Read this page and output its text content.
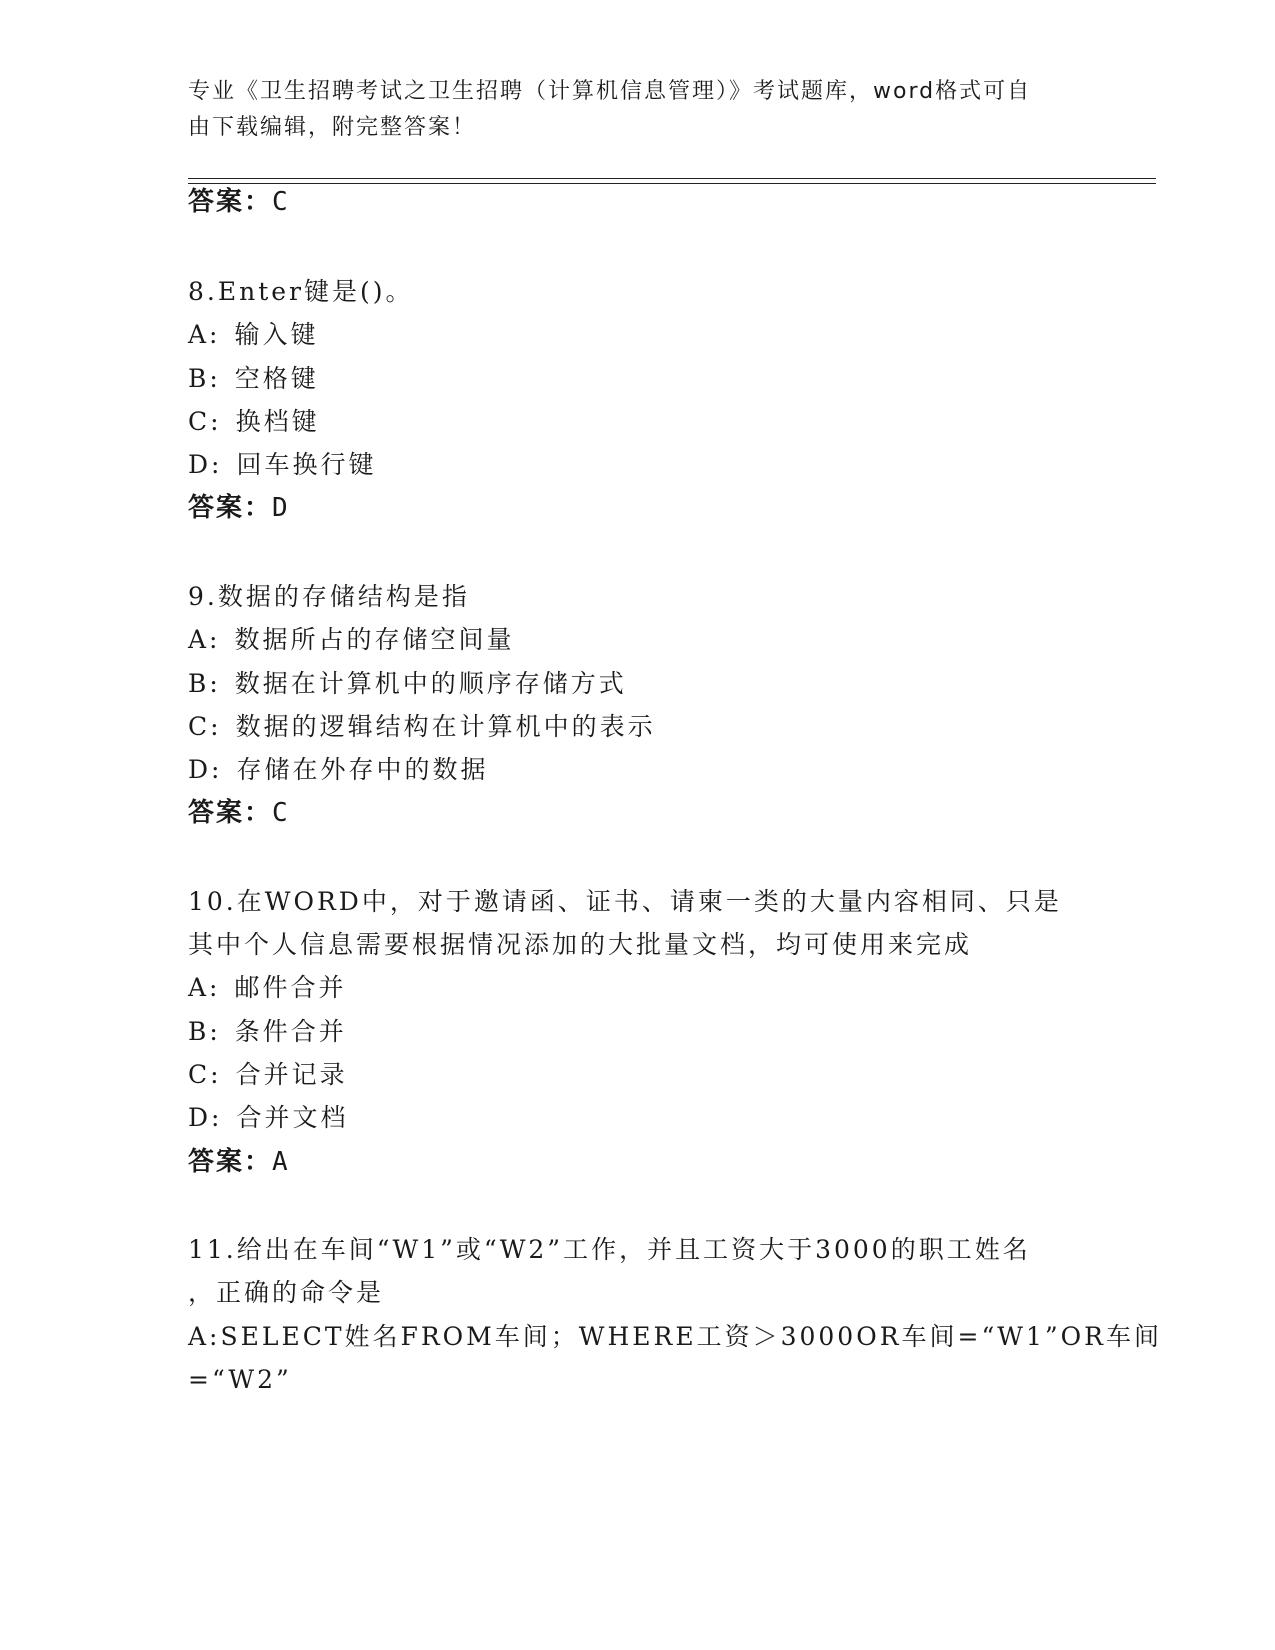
专业《卫生招聘考试之卫生招聘（计算机信息管理）》考试题库，word格式可自
由下载编辑，附完整答案！
答案：C
8.Enter键是()。
A: 输入键
B: 空格键
C: 换档键
D: 回车换行键
答案：D
9.数据的存储结构是指
A: 数据所占的存储空间量
B: 数据在计算机中的顺序存储方式
C: 数据的逻辑结构在计算机中的表示
D: 存储在外存中的数据
答案：C
10.在WORD中，对于邀请函、证书、请柬一类的大量内容相同、只是
其中个人信息需要根据情况添加的大批量文档，均可使用来完成
A: 邮件合并
B: 条件合并
C: 合并记录
D: 合并文档
答案：A
11.给出在车间“W1”或“W2”工作，并且工资大于3000的职工姓名
，正确的命令是
A:SELECT姓名FROM车间；WHERE工资＞3000OR车间=“W1”OR车间
=“W2”
